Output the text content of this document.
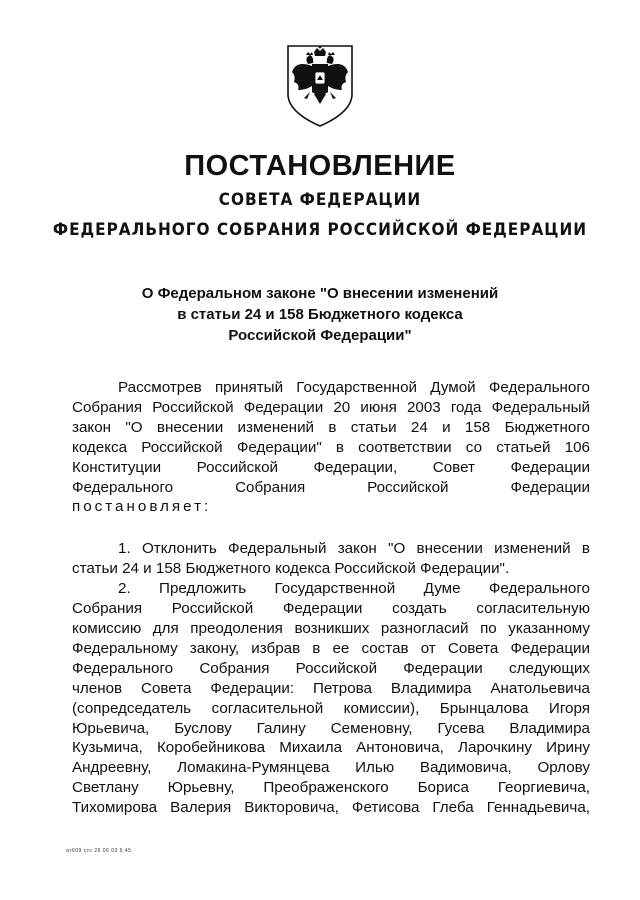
ПОСТАНОВЛЕНИЕ
СОВЕТА ФЕДЕРАЦИИ
ФЕДЕРАЛЬНОГО СОБРАНИЯ РОССИЙСКОЙ ФЕДЕРАЦИИ
О Федеральном законе "О внесении изменений
в статьи 24 и 158 Бюджетного кодекса
Российской Федерации"

Рассмотрев принятый Государственной Думой Федерального

Собрания Российской Федерации 20 июня 2003 года Федеральный

закон "О внесении изменений в статьи 24 и 158 Бюджетного

кодекса Российской Федерации" в соответствии со статьей 106

Конституции Российской Федерации, Совет Федерации

Федерального Собрания Российской Федерации

постановляет:

1. Отклонить Федеральный закон "О внесении изменений в

статьи 24 и 158 Бюджетного кодекса Российской Федерации".

2. Предложить Государственной Думе Федерального

Собрания Российской Федерации создать согласительную

комиссию для преодоления возникших разногласий по указанному

Федеральному закону, избрав в ее состав от Совета Федерации

Федерального Собрания Российской Федерации следующих

членов Совета Федерации: Петрова Владимира Анатольевича

(сопредседатель согласительной комиссии), Брынцалова Игоря

Юрьевича, Буслову Галину Семеновну, Гусева Владимира

Кузьмича, Коробейникова Михаила Антоновича, Ларочкину Ирину

Андреевну, Ломакина-Румянцева Илью Вадимовича, Орлову

Светлану Юрьевну, Преображенского Бориса Георгиевича,

Тихомирова Валерия Викторовича, Фетисова Глеба Геннадьевича,

ат609 стс 26 06 03 6:45
